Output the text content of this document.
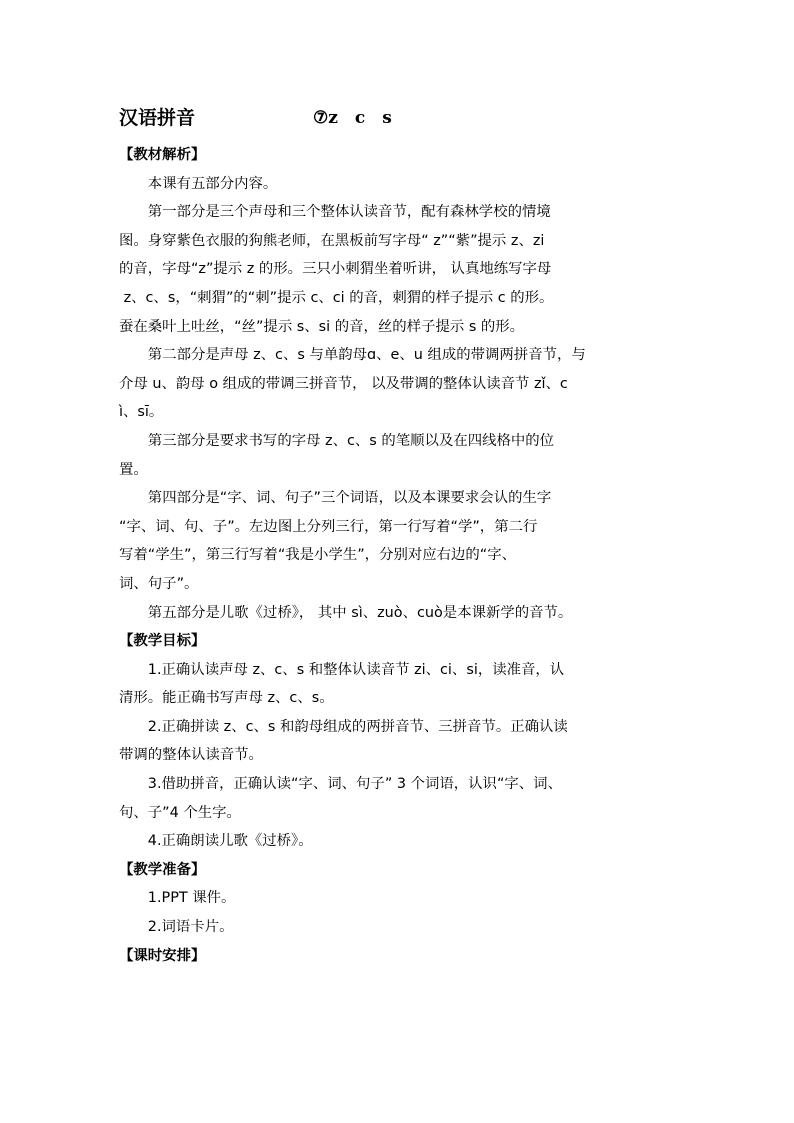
汉语拼音	⑦z　c　s
【教材解析】
本课有五部分内容。
第一部分是三个声母和三个整体认读音节，配有森林学校的情境
图。身穿紫色衣服的狗熊老师，在黑板前写字母“ z”“紫”提示 z、zi
的音，字母“z”提示 z 的形。三只小刺猬坐着听讲， 认真地练写字母
z、c、s，“刺猬”的“刺”提示 c、ci 的音，刺猬的样子提示 c 的形。
蚕在桑叶上吐丝，“丝”提示 s、si 的音，丝的样子提示 s 的形。
第二部分是声母 z、c、s 与单韵母ɑ、e、u 组成的带调两拼音节，与
介母 u、韵母 o 组成的带调三拼音节， 以及带调的整体认读音节 zǐ、c
ì、sī。
第三部分是要求书写的字母 z、c、s 的笔顺以及在四线格中的位
置。
第四部分是“字、词、句子”三个词语，以及本课要求会认的生字
“字、词、句、子”。左边图上分列三行，第一行写着“学”，第二行
写着“学生”，第三行写着“我是小学生”，分别对应右边的“字、
词、句子”。
第五部分是儿歌《过桥》， 其中 sì、zuò、cuò是本课新学的音节。
【教学目标】
1.正确认读声母 z、c、s 和整体认读音节 zi、ci、si，读准音，认
清形。能正确书写声母 z、c、s。
2.正确拼读 z、c、s 和韵母组成的两拼音节、三拼音节。正确认读
带调的整体认读音节。
3.借助拼音，正确认读“字、词、句子” 3 个词语，认识“字、词、
句、子”4 个生字。
4.正确朗读儿歌《过桥》。
【教学准备】
1.PPT 课件。
2.词语卡片。
【课时安排】
